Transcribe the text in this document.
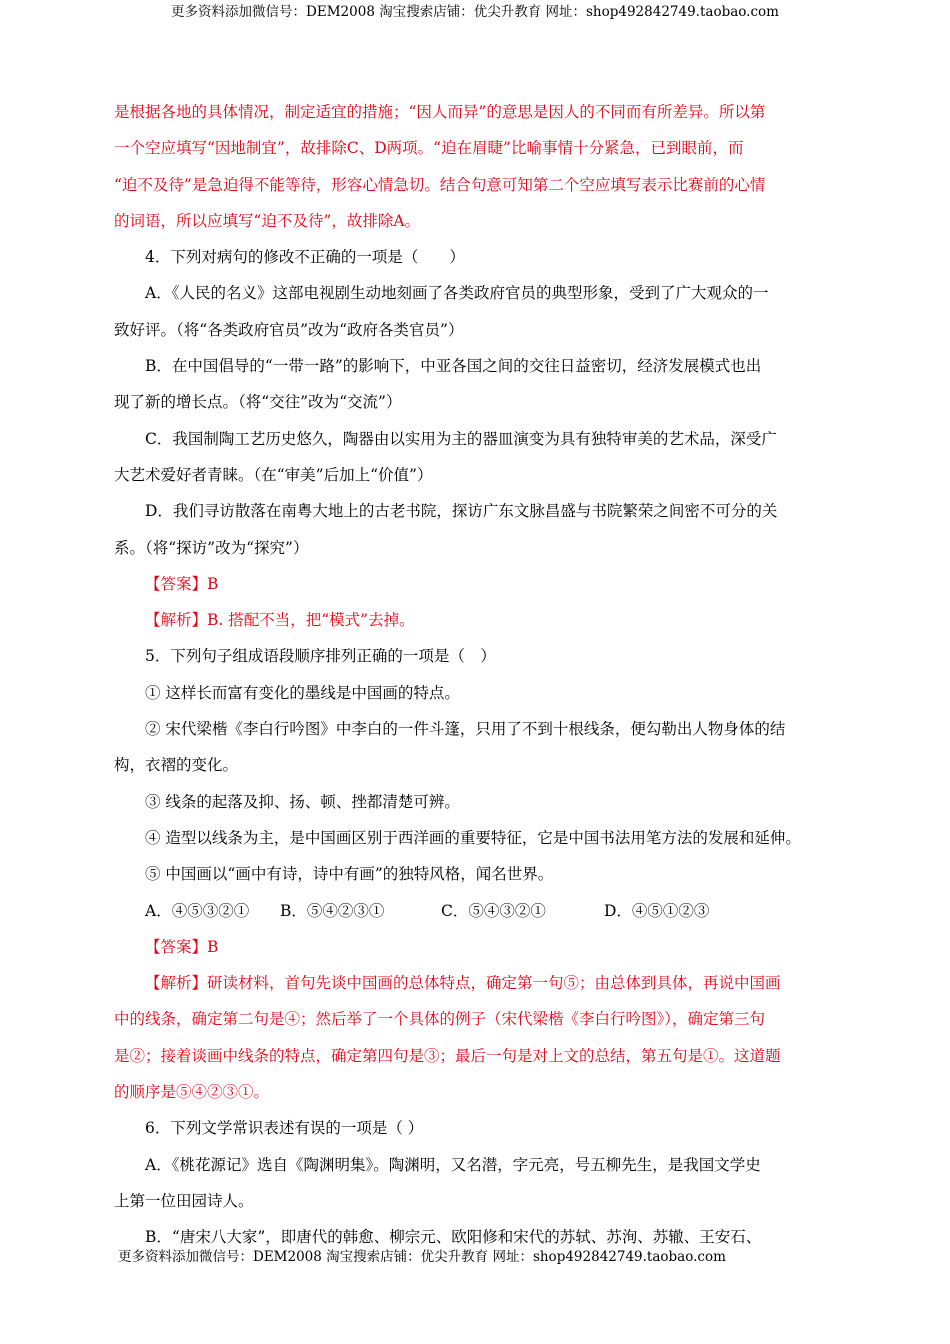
更多资料添加微信号：DEM2008 淘宝搜索店铺：优尖升教育 网址：shop492842749.taobao.com

是根据各地的具体情况，制定适宜的措施；“因人而异”的意思是因人的不同而有所差异。所以第

一个空应填写“因地制宜”，故排除C、D两项。“迫在眉睫”比喻事情十分紧急，已到眼前，而

“迫不及待”是急迫得不能等待，形容心情急切。结合句意可知第二个空应填写表示比赛前的心情

的词语，所以应填写“迫不及待”，故排除A。

4．下列对病句的修改不正确的一项是（　　）

A．《人民的名义》这部电视剧生动地刻画了各类政府官员的典型形象，受到了广大观众的一

致好评。（将“各类政府官员”改为“政府各类官员”）

B．在中国倡导的“一带一路”的影响下，中亚各国之间的交往日益密切，经济发展模式也出

现了新的增长点。（将“交往”改为“交流”）

C．我国制陶工艺历史悠久，陶器由以实用为主的器皿演变为具有独特审美的艺术品，深受广

大艺术爱好者青睐。（在“审美”后加上“价值”）

D．我们寻访散落在南粤大地上的古老书院，探访广东文脉昌盛与书院繁荣之间密不可分的关

系。（将“探访”改为“探究”）

【答案】B

【解析】B. 搭配不当，把“模式”去掉。

5．下列句子组成语段顺序排列正确的一项是（　）

① 这样长而富有变化的墨线是中国画的特点。

② 宋代梁楷《李白行吟图》中李白的一件斗篷，只用了不到十根线条，便勾勒出人物身体的结

构，衣褶的变化。

③ 线条的起落及抑、扬、顿、挫都清楚可辨。

④ 造型以线条为主，是中国画区别于西洋画的重要特征，它是中国书法用笔方法的发展和延伸。

⑤ 中国画以“画中有诗，诗中有画”的独特风格，闻名世界。

A．④⑤③②① B．⑤④②③①	C．⑤④③②①	D．④⑤①②③

【答案】B

【解析】研读材料，首句先谈中国画的总体特点，确定第一句⑤；由总体到具体，再说中国画

中的线条，确定第二句是④；然后举了一个具体的例子（宋代梁楷《李白行吟图》），确定第三句

是②；接着谈画中线条的特点，确定第四句是③；最后一句是对上文的总结，第五句是①。这道题

的顺序是⑤④②③①。

6．下列文学常识表述有误的一项是（ ）

A．《桃花源记》选自《陶渊明集》。陶渊明，又名潜，字元亮，号五柳先生，是我国文学史

上第一位田园诗人。

B．“唐宋八大家”，即唐代的韩愈、柳宗元、欧阳修和宋代的苏轼、苏洵、苏辙、王安石、

更多资料添加微信号：DEM2008 淘宝搜索店铺：优尖升教育 网址：shop492842749.taobao.com
